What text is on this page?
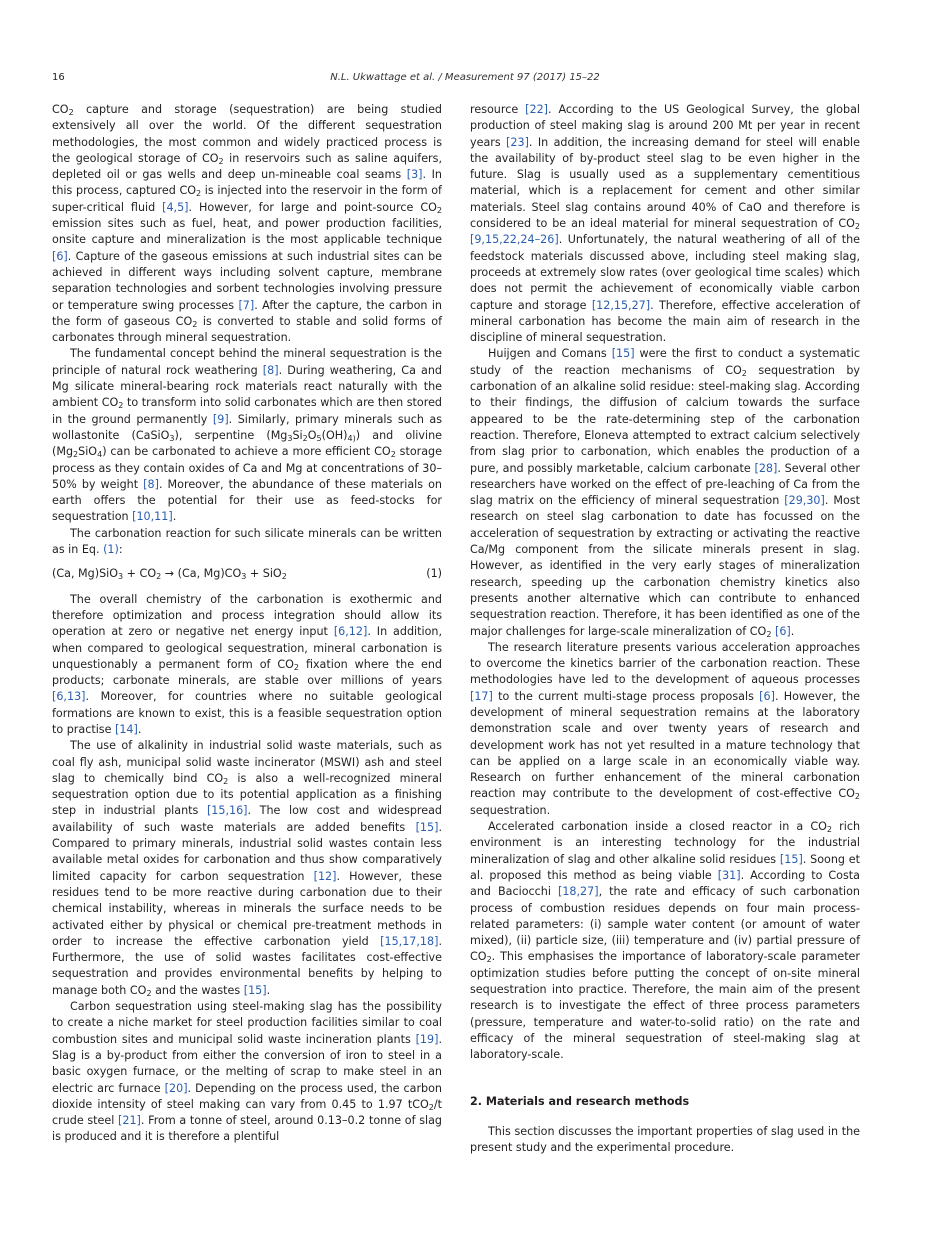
16	N.L. Ukwattage et al. / Measurement 97 (2017) 15–22

$CO_2$ capture and storage (sequestration) are being studied extensively all over the world. Of the different sequestration methodologies, the most common and widely practiced process is the geological storage of $CO_2$ in reservoirs such as saline aquifers, depleted oil or gas wells and deep un-mineable coal seams [3]. In this process, captured $CO_2$ is injected into the reservoir in the form of super-critical fluid [4,5]. However, for large and point-source $CO_2$ emission sites such as fuel, heat, and power production facilities, onsite capture and mineralization is the most applicable technique [6]. Capture of the gaseous emissions at such industrial sites can be achieved in different ways including solvent capture, membrane separation technologies and sorbent technologies involving pressure or temperature swing processes [7]. After the capture, the carbon in the form of gaseous $CO_2$ is converted to stable and solid forms of carbonates through mineral sequestration.

The fundamental concept behind the mineral sequestration is the principle of natural rock weathering [8]. During weathering, Ca and Mg silicate mineral-bearing rock materials react naturally with the ambient $CO_2$ to transform into solid carbonates which are then stored in the ground permanently [9]. Similarly, primary minerals such as wollastonite (CaSiO$_3$), serpentine $(Mg_3Si_2O_5(OH)_{4)})$ and olivine $(Mg_2SiO_4)$ can be carbonated to achieve a more efficient $CO_2$ storage process as they contain oxides of Ca and Mg at concentrations of 30–50% by weight [8]. Moreover, the abundance of these materials on earth offers the potential for their use as feed-stocks for sequestration [10,11].

The carbonation reaction for such silicate minerals can be written as in Eq. (1):

(Ca, $Mg)SiO_3 + CO_2 \to (Ca$, $Mg)CO_3 + SiO_2$	(1)

The overall chemistry of the carbonation is exothermic and therefore optimization and process integration should allow its operation at zero or negative net energy input [6,12]. In addition, when compared to geological sequestration, mineral carbonation is unquestionably a permanent form of $CO_2$ fixation where the end products; carbonate minerals, are stable over millions of years [6,13]. Moreover, for countries where no suitable geological formations are known to exist, this is a feasible sequestration option to practise [14].

The use of alkalinity in industrial solid waste materials, such as coal fly ash, municipal solid waste incinerator (MSWI) ash and steel slag to chemically bind $CO_2$ is also a well-recognized mineral sequestration option due to its potential application as a finishing step in industrial plants [15,16]. The low cost and widespread availability of such waste materials are added benefits [15]. Compared to primary minerals, industrial solid wastes contain less available metal oxides for carbonation and thus show comparatively limited capacity for carbon sequestration [12]. However, these residues tend to be more reactive during carbonation due to their chemical instability, whereas in minerals the surface needs to be activated either by physical or chemical pre-treatment methods in order to increase the effective carbonation yield [15,17,18]. Furthermore, the use of solid wastes facilitates cost-effective sequestration and provides environmental benefits by helping to manage both $CO_2$ and the wastes [15].

Carbon sequestration using steel-making slag has the possibility to create a niche market for steel production facilities similar to coal combustion sites and municipal solid waste incineration plants [19]. Slag is a by-product from either the conversion of iron to steel in a basic oxygen furnace, or the melting of scrap to make steel in an electric arc furnace [20]. Depending on the process used, the carbon dioxide intensity of steel making can vary from 0.45 to 1.97 tCO$_2$/t crude steel [21]. From a tonne of steel, around 0.13–0.2 tonne of slag is produced and it is therefore a plentiful

resource [22]. According to the US Geological Survey, the global production of steel making slag is around 200 Mt per year in recent years [23]. In addition, the increasing demand for steel will enable the availability of by-product steel slag to be even higher in the future. Slag is usually used as a supplementary cementitious material, which is a replacement for cement and other similar materials. Steel slag contains around 40% of CaO and therefore is considered to be an ideal material for mineral sequestration of $CO_2$ [9,15,22,24–26]. Unfortunately, the natural weathering of all of the feedstock materials discussed above, including steel making slag, proceeds at extremely slow rates (over geological time scales) which does not permit the achievement of economically viable carbon capture and storage [12,15,27]. Therefore, effective acceleration of mineral carbonation has become the main aim of research in the discipline of mineral sequestration.

Huijgen and Comans [15] were the first to conduct a systematic study of the reaction mechanisms of $CO_2$ sequestration by carbonation of an alkaline solid residue: steel-making slag. According to their findings, the diffusion of calcium towards the surface appeared to be the rate-determining step of the carbonation reaction. Therefore, Eloneva attempted to extract calcium selectively from slag prior to carbonation, which enables the production of a pure, and possibly marketable, calcium carbonate [28]. Several other researchers have worked on the effect of pre-leaching of Ca from the slag matrix on the efficiency of mineral sequestration [29,30]. Most research on steel slag carbonation to date has focussed on the acceleration of sequestration by extracting or activating the reactive Ca/Mg component from the silicate minerals present in slag. However, as identified in the very early stages of mineralization research, speeding up the carbonation chemistry kinetics also presents another alternative which can contribute to enhanced sequestration reaction. Therefore, it has been identified as one of the major challenges for large-scale mineralization of $CO_2$ [6].

The research literature presents various acceleration approaches to overcome the kinetics barrier of the carbonation reaction. These methodologies have led to the development of aqueous processes [17] to the current multi-stage process proposals [6]. However, the development of mineral sequestration remains at the laboratory demonstration scale and over twenty years of research and development work has not yet resulted in a mature technology that can be applied on a large scale in an economically viable way. Research on further enhancement of the mineral carbonation reaction may contribute to the development of cost-effective $CO_2$ sequestration.

Accelerated carbonation inside a closed reactor in a $CO_2$ rich environment is an interesting technology for the industrial mineralization of slag and other alkaline solid residues [15]. Soong et al. proposed this method as being viable [31]. According to Costa and Baciocchi [18,27], the rate and efficacy of such carbonation process of combustion residues depends on four main process-related parameters: (i) sample water content (or amount of water mixed), (ii) particle size, (iii) temperature and (iv) partial pressure of $CO_2$. This emphasises the importance of laboratory-scale parameter optimization studies before putting the concept of on-site mineral sequestration into practice. Therefore, the main aim of the present research is to investigate the effect of three process parameters (pressure, temperature and water-to-solid ratio) on the rate and efficacy of the mineral sequestration of steel-making slag at laboratory-scale.

2. Materials and research methods

This section discusses the important properties of slag used in the present study and the experimental procedure.
